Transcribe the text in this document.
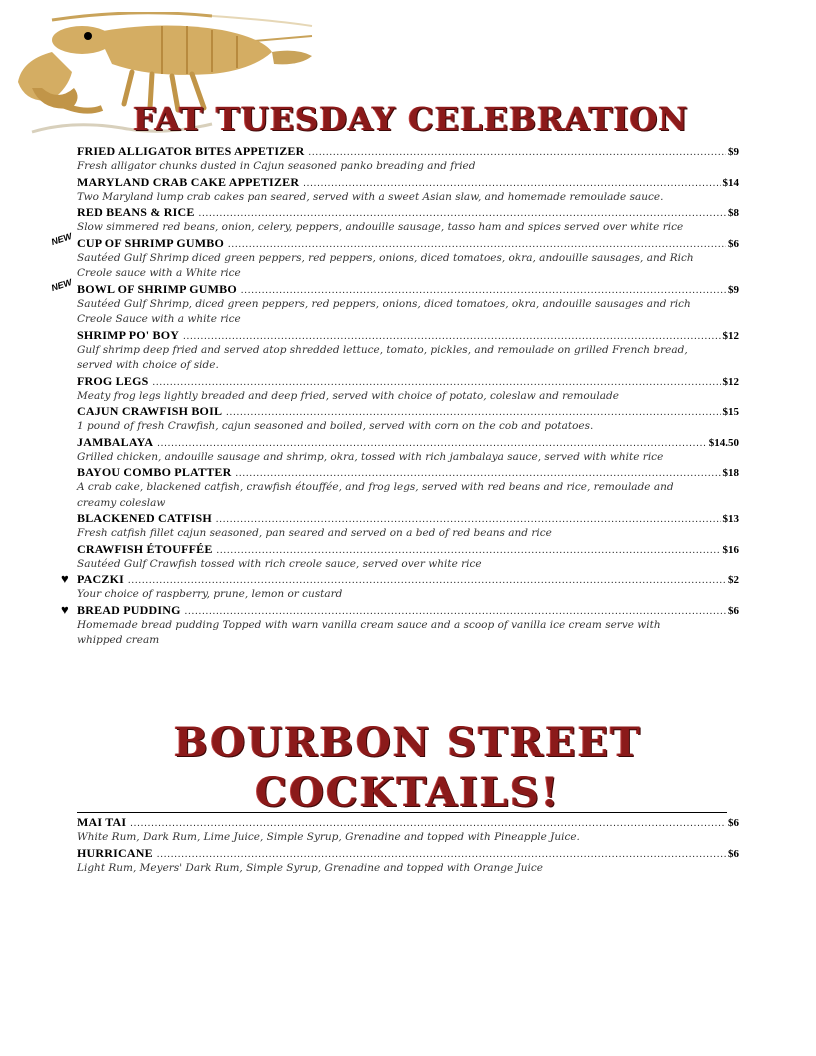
FAT TUESDAY CELEBRATION
FRIED ALLIGATOR BITES APPETIZER .....	$9
Fresh alligator chunks dusted in Cajun seasoned panko breading and fried
MARYLAND CRAB CAKE APPETIZER .....	$14
Two Maryland lump crab cakes pan seared, served with a sweet Asian slaw, and homemade remoulade sauce.
RED BEANS & RICE .....	$8
Slow simmered red beans, onion, celery, peppers, andouille sausage, tasso ham and spices served over white rice
NEW CUP OF SHRIMP GUMBO .....	$6
Sautéed Gulf Shrimp diced green peppers, red peppers, onions, diced tomatoes, okra, andouille sausages, and Rich Creole sauce with a White rice
NEW BOWL OF SHRIMP GUMBO .....	$9
Sautéed Gulf Shrimp, diced green peppers, red peppers, onions, diced tomatoes, okra, andouille sausages and rich Creole Sauce with a white rice
SHRIMP PO' BOY .....	$12
Gulf shrimp deep fried and served atop shredded lettuce, tomato, pickles, and remoulade on grilled French bread, served with choice of side.
FROG LEGS .....	$12
Meaty frog legs lightly breaded and deep fried, served with choice of potato, coleslaw and remoulade
CAJUN CRAWFISH BOIL .....	$15
1 pound of fresh Crawfish, cajun seasoned and boiled, served with corn on the cob and potatoes.
JAMBALAYA .....	$14.50
Grilled chicken, andouille sausage and shrimp, okra, tossed with rich jambalaya sauce, served with white rice
BAYOU COMBO PLATTER .....	$18
A crab cake, blackened catfish, crawfish étouffée, and frog legs, served with red beans and rice, remoulade and creamy coleslaw
BLACKENED CATFISH .....	$13
Fresh catfish fillet cajun seasoned, pan seared and served on a bed of red beans and rice
CRAWFISH ÉTOUFFÉE .....	$16
Sautéed Gulf Crawfish tossed with rich creole sauce, served over white rice
♥ PACZKI .....	$2
Your choice of raspberry, prune, lemon or custard
♥ BREAD PUDDING .....	$6
Homemade bread pudding Topped with warn vanilla cream sauce and a scoop of vanilla ice cream serve with whipped cream
BOURBON STREET
COCKTAILS!
MAI TAI .....	$6
White Rum, Dark Rum, Lime Juice, Simple Syrup, Grenadine and topped with Pineapple Juice.
HURRICANE .....	$6
Light Rum, Meyers' Dark Rum, Simple Syrup, Grenadine and topped with Orange Juice
